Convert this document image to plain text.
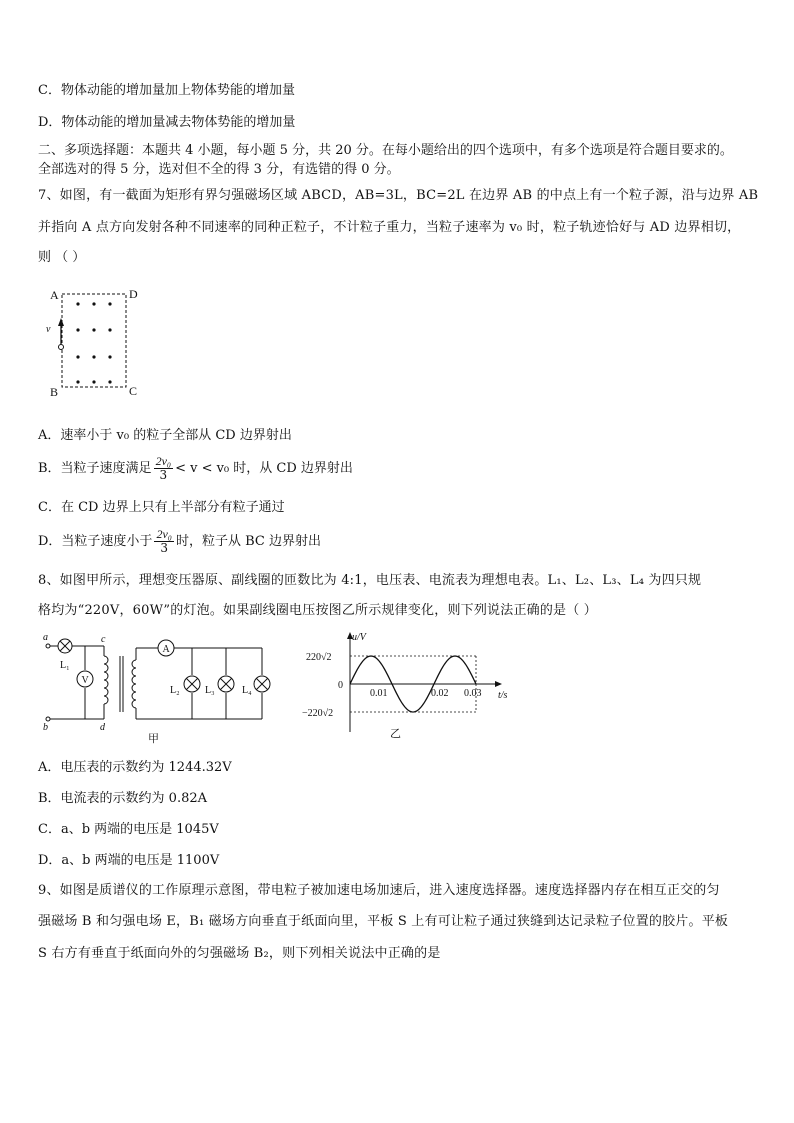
C．物体动能的增加量加上物体势能的增加量
D．物体动能的增加量减去物体势能的增加量
二、多项选择题：本题共 4 小题，每小题 5 分，共 20 分。在每小题给出的四个选项中，有多个选项是符合题目要求的。
全部选对的得 5 分，选对但不全的得 3 分，有选错的得 0 分。
7、如图，有一截面为矩形有界匀强磁场区域 ABCD，AB=3L，BC=2L 在边界 AB 的中点上有一个粒子源，沿与边界 AB
并指向 A 点方向发射各种不同速率的同种正粒子，不计粒子重力，当粒子速率为 v₀ 时，粒子轨迹恰好与 AD 边界相切，
则 （ ）
A	D
B	C
v
A．速率小于 v₀ 的粒子全部从 CD 边界射出
B．当粒子速度满足 $\frac{\text{2v₀}}{3} < v < v_0$ 时，从 CD 边界射出
C．在 CD 边界上只有上半部分有粒子通过
D．当粒子速度小于 $\frac{\text{2v₀}}{3}$ 时，粒子从 BC 边界射出
8、如图甲所示，理想变压器原、副线圈的匝数比为 4:1，电压表、电流表为理想电表。L₁、L₂、L₃、L₄ 为四只规
格均为“220V，60W”的灯泡。如果副线圈电压按图乙所示规律变化，则下列说法正确的是（ ）
V
A
a
b
c
d
L₁
L₂	L₃	L₄
甲
u/V
t/s
220√2
−220√2
0
0.01	0.02 0.03
乙
A．电压表的示数约为 1244.32V
B．电流表的示数约为 0.82A
C．a、b 两端的电压是 1045V
D．a、b 两端的电压是 1100V
9、如图是质谱仪的工作原理示意图，带电粒子被加速电场加速后，进入速度选择器。速度选择器内存在相互正交的匀
强磁场 B 和匀强电场 E，B₁ 磁场方向垂直于纸面向里，平板 S 上有可让粒子通过狭缝到达记录粒子位置的胶片。平板
S 右方有垂直于纸面向外的匀强磁场 B₂，则下列相关说法中正确的是
